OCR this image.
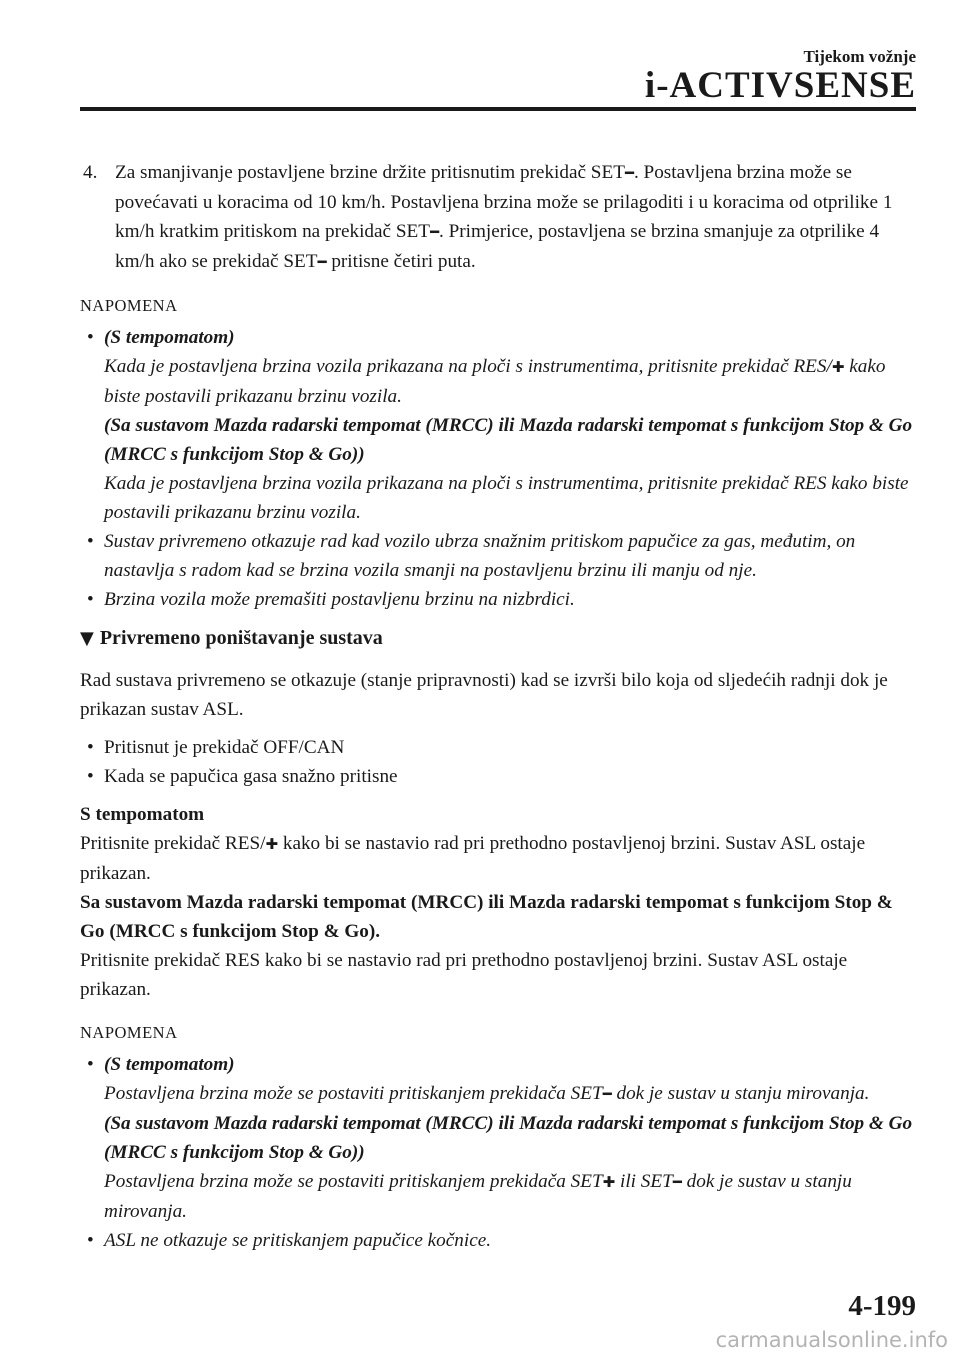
Tijekom vožnje
i-ACTIVSENSE
4. Za smanjivanje postavljene brzine držite pritisnutim prekidač SET━. Postavljena brzina može se povećavati u koracima od 10 km/h. Postavljena brzina može se prilagoditi i u koracima od otprilike 1 km/h kratkim pritiskom na prekidač SET━. Primjerice, postavljena se brzina smanjuje za otprilike 4 km/h ako se prekidač SET━ pritisne četiri puta.
NAPOMENA
• (S tempomatom)
Kada je postavljena brzina vozila prikazana na ploči s instrumentima, pritisnite prekidač RES/✚ kako biste postavili prikazanu brzinu vozila.
(Sa sustavom Mazda radarski tempomat (MRCC) ili Mazda radarski tempomat s funkcijom Stop & Go (MRCC s funkcijom Stop & Go))
Kada je postavljena brzina vozila prikazana na ploči s instrumentima, pritisnite prekidač RES kako biste postavili prikazanu brzinu vozila.
• Sustav privremeno otkazuje rad kad vozilo ubrza snažnim pritiskom papučice za gas, međutim, on nastavlja s radom kad se brzina vozila smanji na postavljenu brzinu ili manju od nje.
• Brzina vozila može premašiti postavljenu brzinu na nizbrdici.
▼ Privremeno poništavanje sustava
Rad sustava privremeno se otkazuje (stanje pripravnosti) kad se izvrši bilo koja od sljedećih radnji dok je prikazan sustav ASL.
• Pritisnut je prekidač OFF/CAN
• Kada se papučica gasa snažno pritisne
S tempomatom
Pritisnite prekidač RES/✚ kako bi se nastavio rad pri prethodno postavljenoj brzini. Sustav ASL ostaje prikazan.
Sa sustavom Mazda radarski tempomat (MRCC) ili Mazda radarski tempomat s funkcijom Stop & Go (MRCC s funkcijom Stop & Go).
Pritisnite prekidač RES kako bi se nastavio rad pri prethodno postavljenoj brzini. Sustav ASL ostaje prikazan.
NAPOMENA
• (S tempomatom)
Postavljena brzina može se postaviti pritiskanjem prekidača SET━ dok je sustav u stanju mirovanja.
(Sa sustavom Mazda radarski tempomat (MRCC) ili Mazda radarski tempomat s funkcijom Stop & Go (MRCC s funkcijom Stop & Go))
Postavljena brzina može se postaviti pritiskanjem prekidača SET✚ ili SET━ dok je sustav u stanju mirovanja.
• ASL ne otkazuje se pritiskanjem papučice kočnice.
4-199
carmanualsonline.info
